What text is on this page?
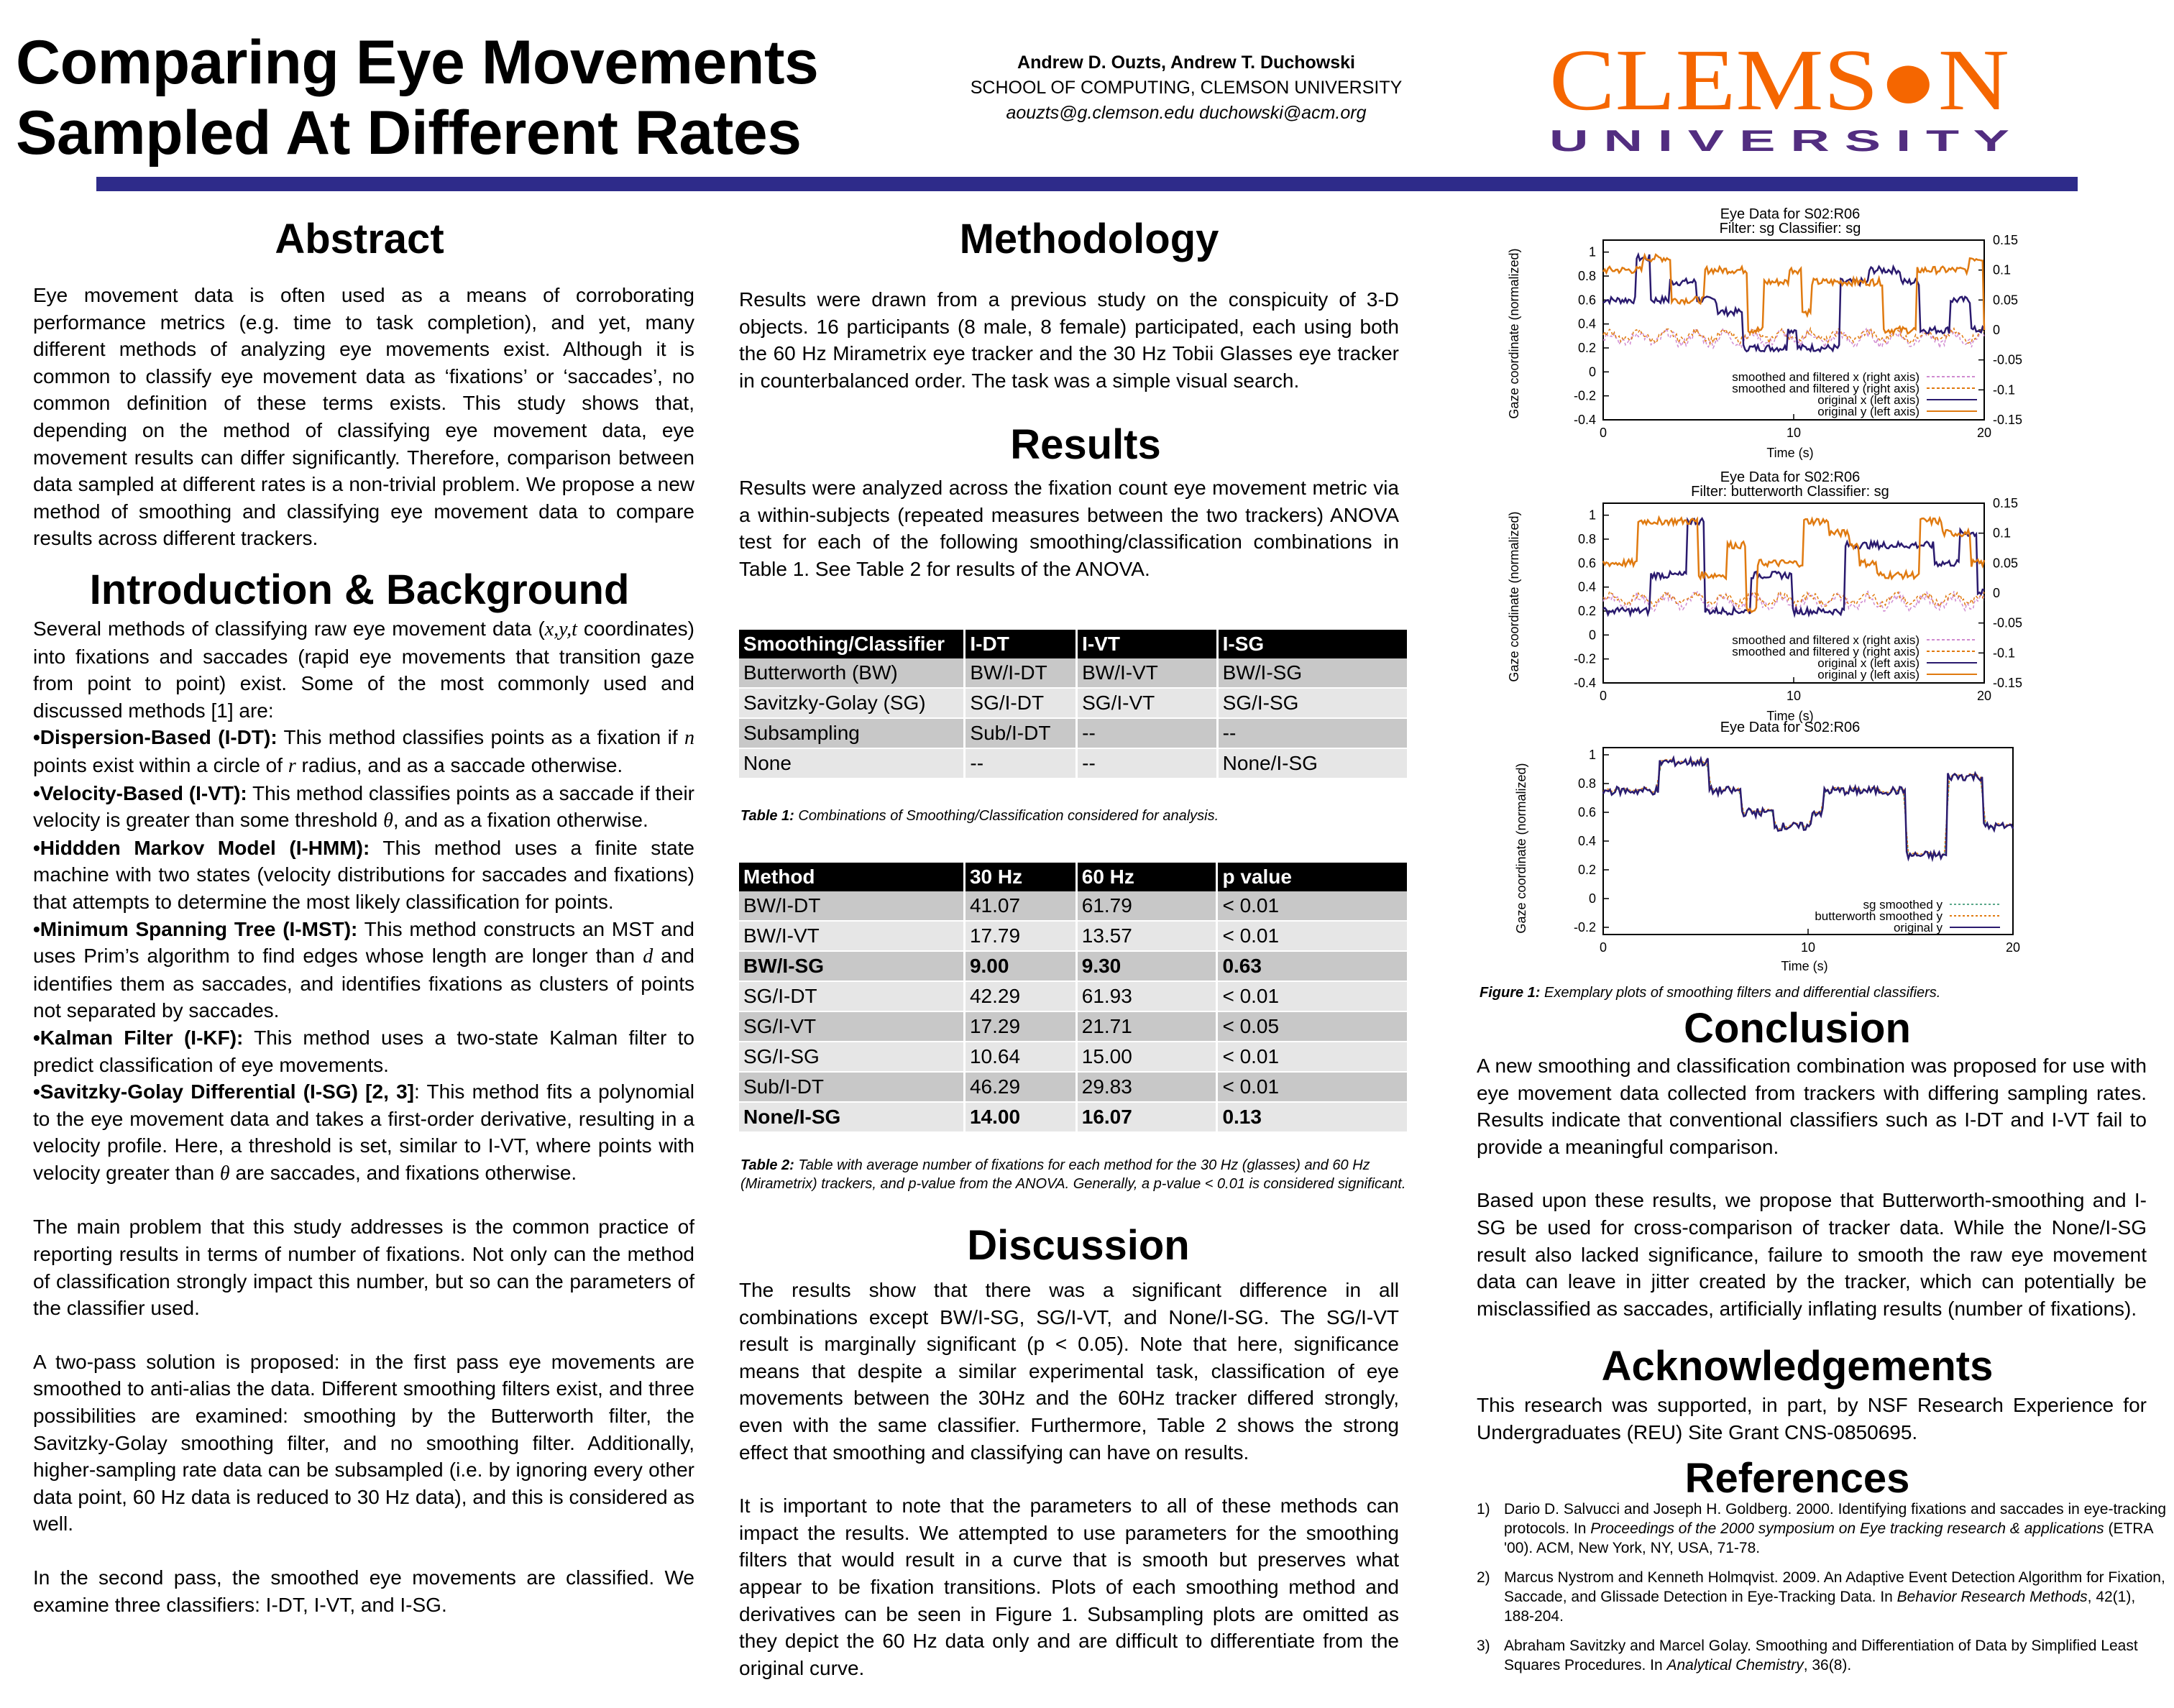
Comparing Eye Movements
Sampled At Different Rates
Andrew D. Ouzts, Andrew T. Duchowski
SCHOOL OF COMPUTING, CLEMSON UNIVERSITY
aouzts@g.clemson.edu duchowski@acm.org	CLEMS●N
U N I V E R S I T Y
Abstract

Eye movement data is often used as a means of corroborating performance metrics (e.g. time to task completion), and yet, many different methods of analyzing eye movements exist. Although it is common to classify eye movement data as ‘fixations’ or ‘saccades’, no common definition of these terms exists. This study shows that, depending on the method of classifying eye movement data, eye movement results can differ significantly. Therefore, comparison between data sampled at different rates is a non-trivial problem. We propose a new method of smoothing and classifying eye movement data to compare results across different trackers.

Introduction & Background

Several methods of classifying raw eye movement data (x,y,t coordinates) into fixations and saccades (rapid eye movements that transition gaze from point to point) exist. Some of the most commonly used and discussed methods [1] are:

•Dispersion-Based (I-DT): This method classifies points as a fixation if n points exist within a circle of r radius, and as a saccade otherwise.

•Velocity-Based (I-VT): This method classifies points as a saccade if their velocity is greater than some threshold θ, and as a fixation otherwise.

•Hiddden Markov Model (I-HMM): This method uses a finite state machine with two states (velocity distributions for saccades and fixations) that attempts to determine the most likely classification for points.

•Minimum Spanning Tree (I-MST): This method constructs an MST and uses Prim’s algorithm to find edges whose length are longer than d and identifies them as saccades, and identifies fixations as clusters of points not separated by saccades.

•Kalman Filter (I-KF): This method uses a two-state Kalman filter to predict classification of eye movements.

•Savitzky-Golay Differential (I-SG) [2, 3]: This method fits a polynomial to the eye movement data and takes a first-order derivative, resulting in a velocity profile. Here, a threshold is set, similar to I-VT, where points with velocity greater than θ are saccades, and fixations otherwise.

The main problem that this study addresses is the common practice of reporting results in terms of number of fixations. Not only can the method of classification strongly impact this number, but so can the parameters of the classifier used.

A two-pass solution is proposed: in the first pass eye movements are smoothed to anti-alias the data. Different smoothing filters exist, and three possibilities are examined: smoothing by the Butterworth filter, the Savitzky-Golay smoothing filter, and no smoothing filter. Additionally, higher-sampling rate data can be subsampled (i.e. by ignoring every other data point, 60 Hz data is reduced to 30 Hz data), and this is considered as well.

In the second pass, the smoothed eye movements are classified. We examine three classifiers: I-DT, I-VT, and I-SG.

Methodology

Results were drawn from a previous study on the conspicuity of 3-D objects. 16 participants (8 male, 8 female) participated, each using both the 60 Hz Mirametrix eye tracker and the 30 Hz Tobii Glasses eye tracker in counterbalanced order. The task was a simple visual search.

Results

Results were analyzed across the fixation count eye movement metric via a within-subjects (repeated measures between the two trackers) ANOVA test for each of the following smoothing/classification combinations in Table 1. See Table 2 for results of the ANOVA.

Smoothing/Classifier	I-DT	I-VT	I-SG
Butterworth (BW)	BW/I-DT	BW/I-VT	BW/I-SG
Savitzky-Golay (SG)	SG/I-DT	SG/I-VT	SG/I-SG
Subsampling	Sub/I-DT	--	--
None	--	--	None/I-SG
Table 1: Combinations of Smoothing/Classification considered for analysis.
Method	30 Hz	60 Hz	p value
BW/I-DT	41.07	61.79	< 0.01
BW/I-VT	17.79	13.57	< 0.01
BW/I-SG	9.00	9.30	0.63
SG/I-DT	42.29	61.93	< 0.01
SG/I-VT	17.29	21.71	< 0.05
SG/I-SG	10.64	15.00	< 0.01
Sub/I-DT	46.29	29.83	< 0.01
None/I-SG	14.00	16.07	0.13
Table 2: Table with average number of fixations for each method for the 30 Hz (glasses) and 60 Hz (Mirametrix) trackers, and p-value from the ANOVA. Generally, a p-value < 0.01 is considered significant.
Discussion

The results show that there was a significant difference in all combinations except BW/I-SG, SG/I-VT, and None/I-SG. The SG/I-VT result is marginally significant (p < 0.05). Note that here, significance means that despite a similar experimental task, classification of eye movements between the 30Hz and the 60Hz tracker differed strongly, even with the same classifier. Furthermore, Table 2 shows the strong effect that smoothing and classifying can have on results.

It is important to note that the parameters to all of these methods can impact the results. We attempted to use parameters for the smoothing filters that would result in a curve that is smooth but preserves what appear to be fixation transitions. Plots of each smoothing method and derivatives can be seen in Figure 1. Subsampling plots are omitted as they depict the 60 Hz data only and are difficult to differentiate from the original curve.

Eye Data for S02:R06
Filter: sg Classifier: sg
Gaze coordinate (normalized)
Time (s)
1
0.8
0.6
0.4
0.2
0
-0.2
-0.4
0.15
0.1
0.05
0
-0.05
-0.1
-0.15
0	10	20
smoothed and filtered x (right axis)
smoothed and filtered y (right axis)
original x (left axis)
original y (left axis)
Eye Data for S02:R06
Filter: butterworth Classifier: sg
Gaze coordinate (normalized)
Time (s)
1
0.8
0.6
0.4
0.2
0
-0.2
-0.4
0.15
0.1
0.05
0
-0.05
-0.1
-0.15
0	10	20
smoothed and filtered x (right axis)
smoothed and filtered y (right axis)
original x (left axis)
original y (left axis)
Eye Data for S02:R06
Gaze coordinate (normalized)
Time (s)
1
0.8
0.6
0.4
0.2
0
-0.2
0	10	20
sg smoothed y
butterworth smoothed y
original y
Figure 1: Exemplary plots of smoothing filters and differential classifiers.
Conclusion

A new smoothing and classification combination was proposed for use with eye movement data collected from trackers with differing sampling rates. Results indicate that conventional classifiers such as I-DT and I-VT fail to provide a meaningful comparison.

Based upon these results, we propose that Butterworth-smoothing and I-SG be used for cross-comparison of tracker data. While the None/I-SG result also lacked significance, failure to smooth the raw eye movement data can leave in jitter created by the tracker, which can potentially be misclassified as saccades, artificially inflating results (number of fixations).

Acknowledgements

This research was supported, in part, by NSF Research Experience for Undergraduates (REU) Site Grant CNS-0850695.

References
1) Dario D. Salvucci and Joseph H. Goldberg. 2000. Identifying fixations and saccades in eye-tracking protocols. In Proceedings of the 2000 symposium on Eye tracking research & applications (ETRA '00). ACM, New York, NY, USA, 71-78.
2) Marcus Nystrom and Kenneth Holmqvist. 2009. An Adaptive Event Detection Algorithm for Fixation, Saccade, and Glissade Detection in Eye-Tracking Data. In Behavior Research Methods, 42(1), 188-204.
3) Abraham Savitzky and Marcel Golay. Smoothing and Differentiation of Data by Simplified Least Squares Procedures. In Analytical Chemistry, 36(8).
